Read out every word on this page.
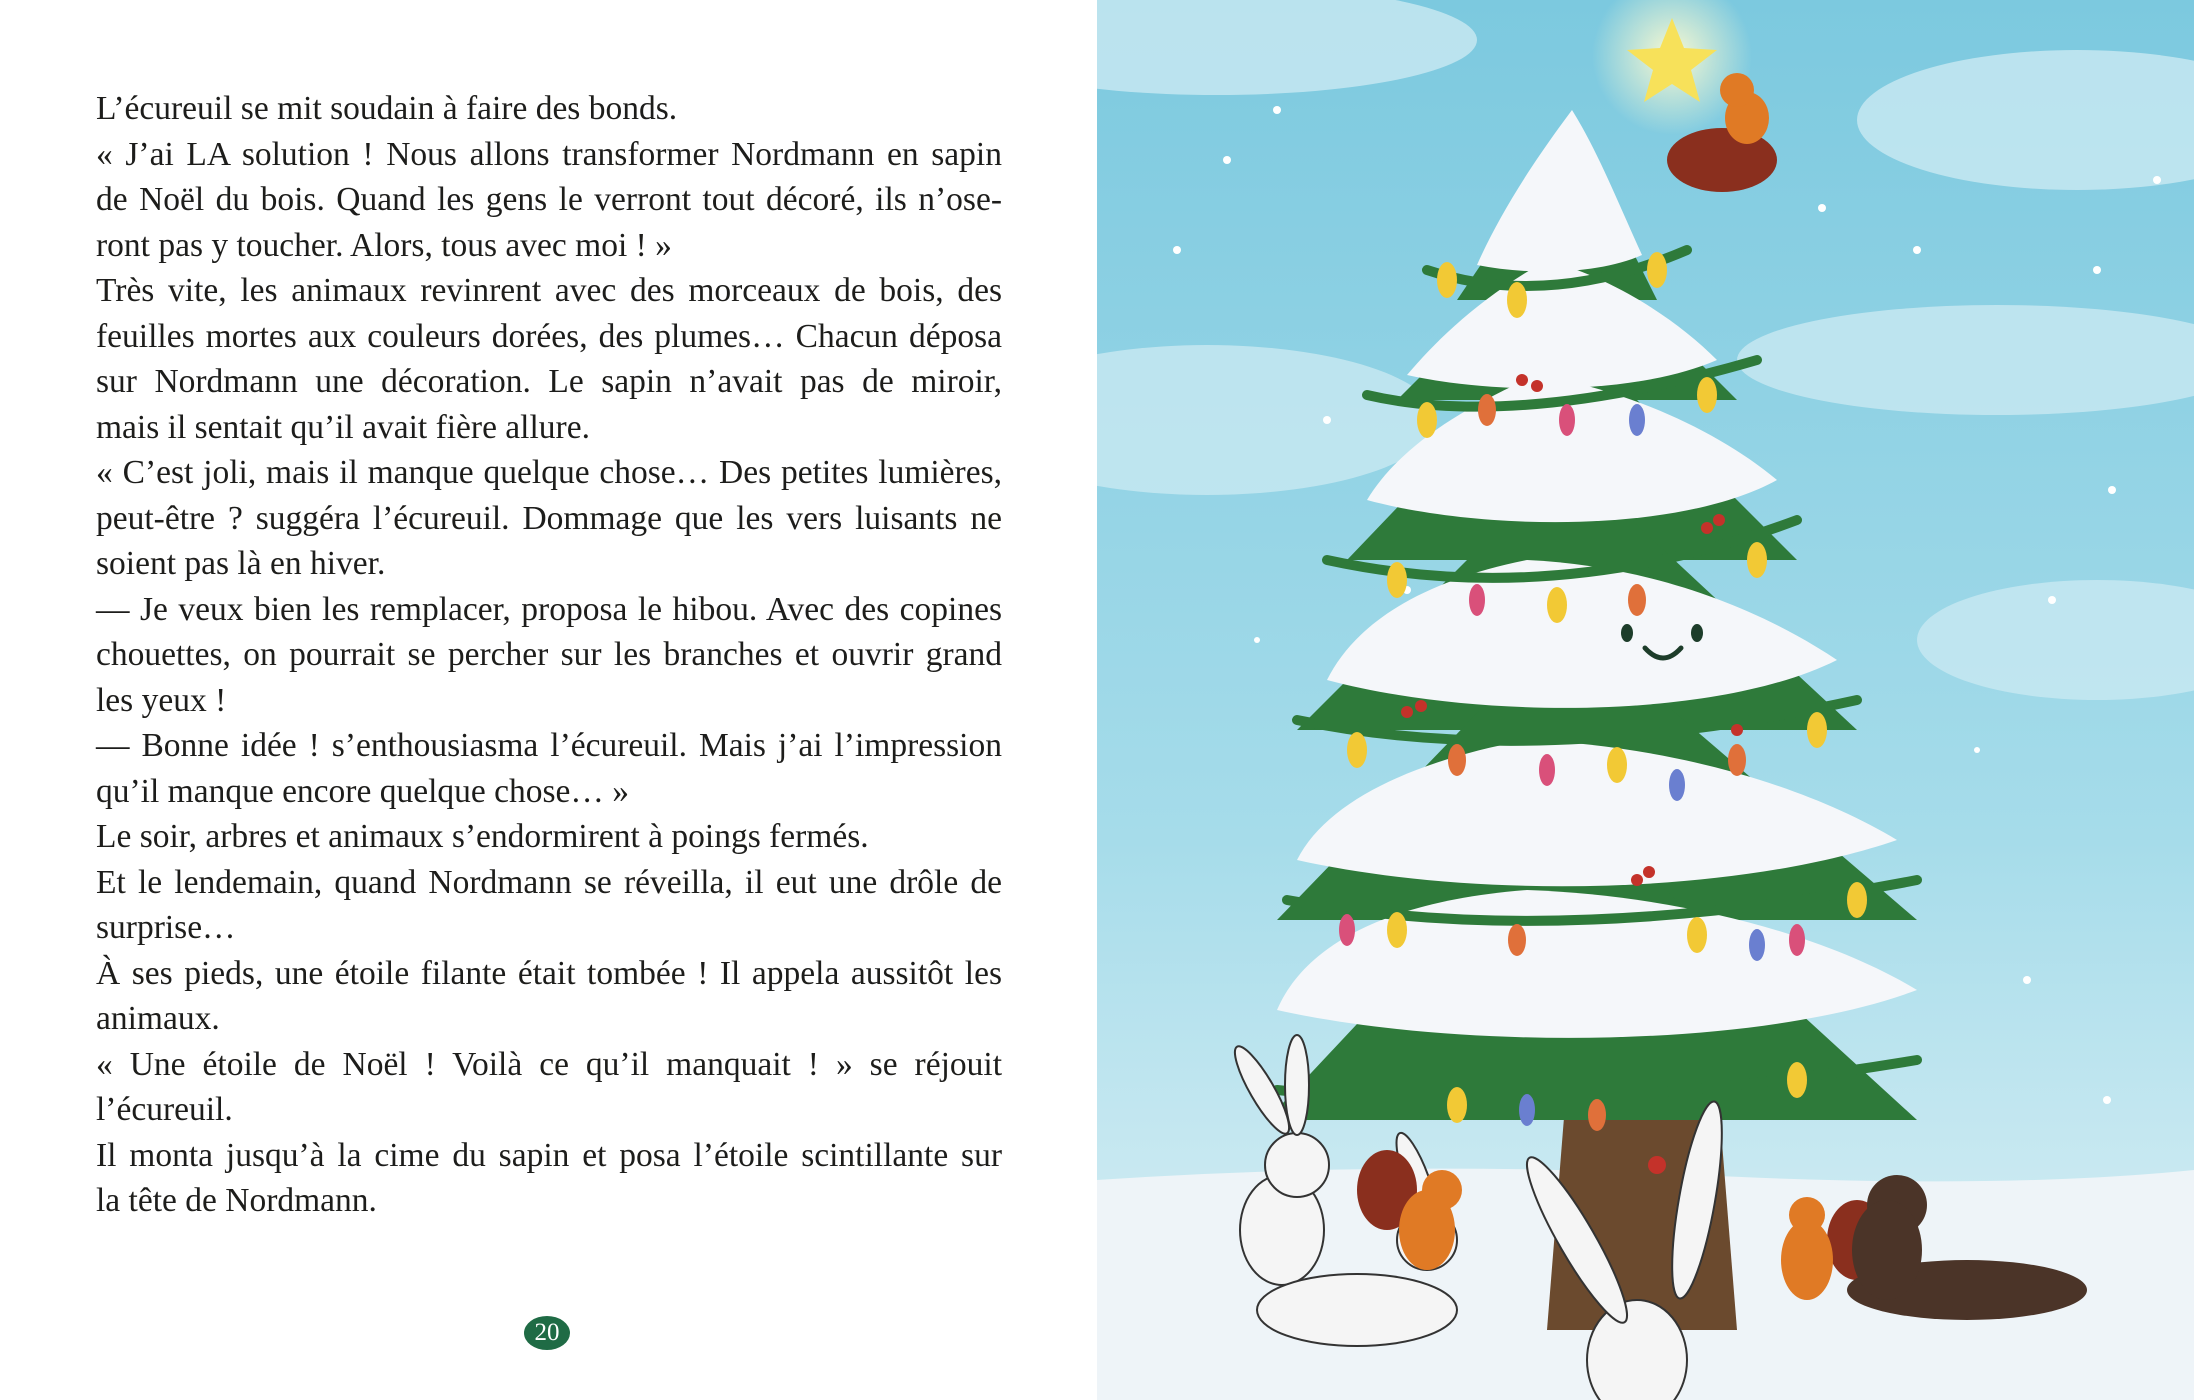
L’écureuil se mit soudain à faire des bonds.
« J’ai LA solution ! Nous allons transformer Nordmann en sapin
de Noël du bois. Quand les gens le verront tout décoré, ils n’ose-
ront pas y toucher. Alors, tous avec moi ! »
Très vite, les animaux revinrent avec des morceaux de bois, des
feuilles mortes aux couleurs dorées, des plumes… Chacun déposa
sur Nordmann une décoration. Le sapin n’avait pas de miroir,
mais il sentait qu’il avait fière allure.
« C’est joli, mais il manque quelque chose… Des petites lumières,
peut-être ? suggéra l’écureuil. Dommage que les vers luisants ne
soient pas là en hiver.
— Je veux bien les remplacer, proposa le hibou. Avec des copines
chouettes, on pourrait se percher sur les branches et ouvrir grand
les yeux !
— Bonne idée ! s’enthousiasma l’écureuil. Mais j’ai l’impression
qu’il manque encore quelque chose… »
Le soir, arbres et animaux s’endormirent à poings fermés.
Et le lendemain, quand Nordmann se réveilla, il eut une drôle de
surprise…
À ses pieds, une étoile filante était tombée ! Il appela aussitôt les
animaux.
« Une étoile de Noël ! Voilà ce qu’il manquait ! » se réjouit
l’écureuil.
Il monta jusqu’à la cime du sapin et posa l’étoile scintillante sur
la tête de Nordmann.
20
